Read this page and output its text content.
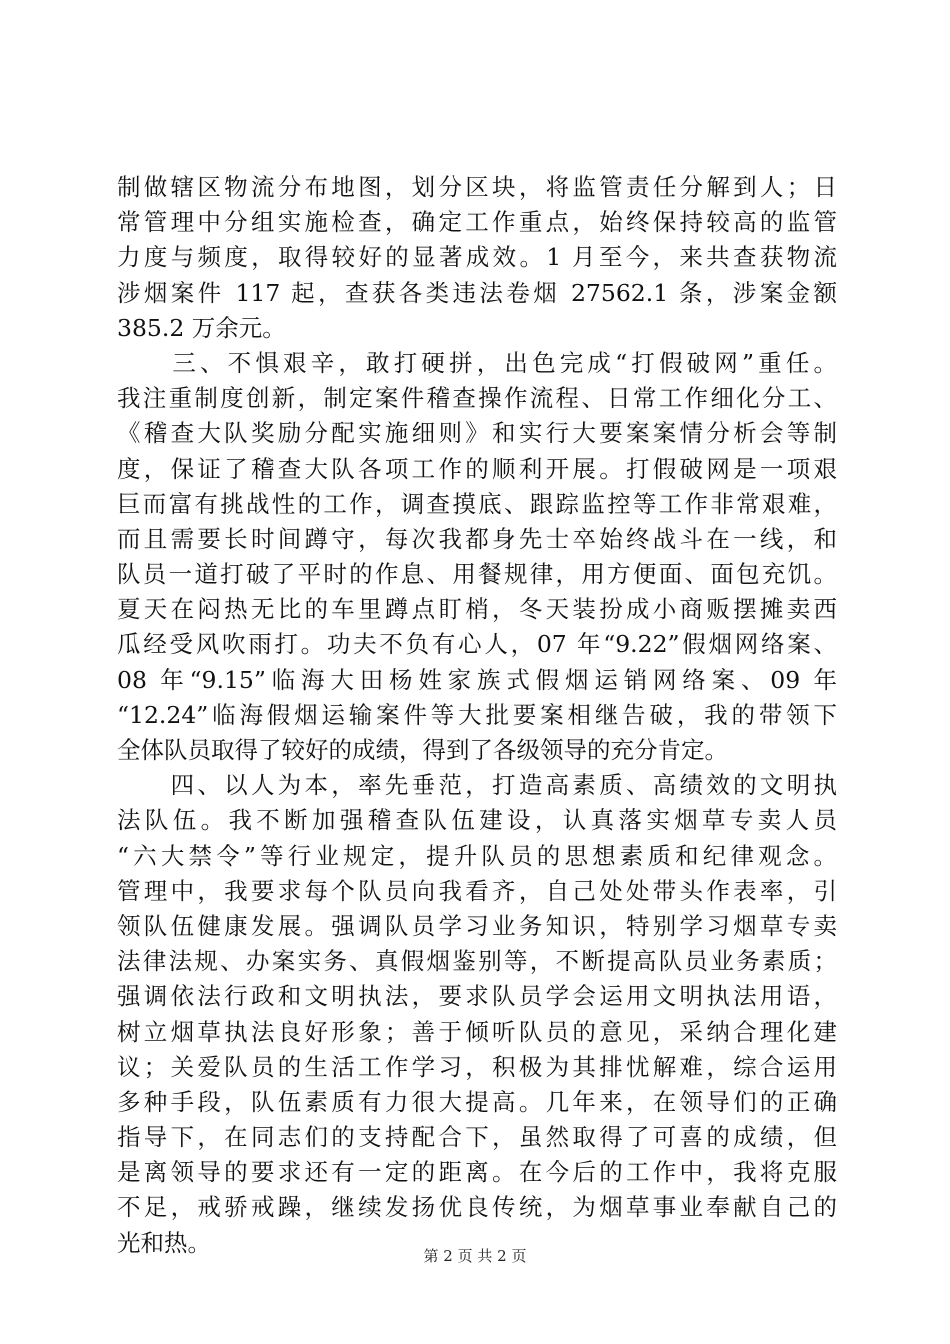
制做辖区物流分布地图，划分区块，将监管责任分解到人；日
常管理中分组实施检查，确定工作重点，始终保持较高的监管
力度与频度，取得较好的显著成效。1 月至今，来共查获物流
涉烟案件 117 起，查获各类违法卷烟 27562.1 条，涉案金额
385.2 万余元。
　　三、不惧艰辛，敢打硬拼，出色完成“打假破网”重任。
我注重制度创新，制定案件稽查操作流程、日常工作细化分工、
《稽查大队奖励分配实施细则》和实行大要案案情分析会等制
度，保证了稽查大队各项工作的顺利开展。打假破网是一项艰
巨而富有挑战性的工作，调查摸底、跟踪监控等工作非常艰难，
而且需要长时间蹲守，每次我都身先士卒始终战斗在一线，和
队员一道打破了平时的作息、用餐规律，用方便面、面包充饥。
夏天在闷热无比的车里蹲点盯梢，冬天装扮成小商贩摆摊卖西
瓜经受风吹雨打。功夫不负有心人，07 年“9.22”假烟网络案、
08 年“9.15”临海大田杨姓家族式假烟运销网络案、09 年
“12.24”临海假烟运输案件等大批要案相继告破，我的带领下
全体队员取得了较好的成绩，得到了各级领导的充分肯定。
　　四、以人为本，率先垂范，打造高素质、高绩效的文明执
法队伍。我不断加强稽查队伍建设，认真落实烟草专卖人员
“六大禁令”等行业规定，提升队员的思想素质和纪律观念。
管理中，我要求每个队员向我看齐，自己处处带头作表率，引
领队伍健康发展。强调队员学习业务知识，特别学习烟草专卖
法律法规、办案实务、真假烟鉴别等，不断提高队员业务素质；
强调依法行政和文明执法，要求队员学会运用文明执法用语，
树立烟草执法良好形象；善于倾听队员的意见，采纳合理化建
议；关爱队员的生活工作学习，积极为其排忧解难，综合运用
多种手段，队伍素质有力很大提高。几年来，在领导们的正确
指导下，在同志们的支持配合下，虽然取得了可喜的成绩，但
是离领导的要求还有一定的距离。在今后的工作中，我将克服
不足，戒骄戒躁，继续发扬优良传统，为烟草事业奉献自己的
光和热。	第 2 页 共 2 页
